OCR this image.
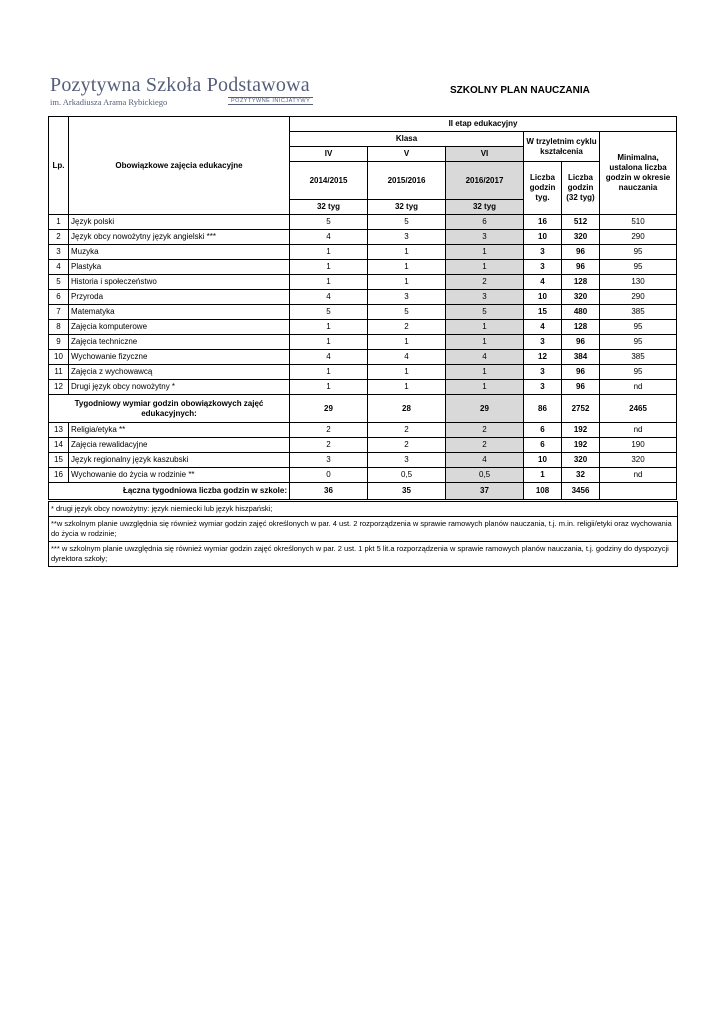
Pozytywna Szkoła Podstawowa
im. Arkadiusza Arama Rybickiego	POZYTYWNE INICJATYWY
SZKOLNY PLAN NAUCZANIA
Lp.	Obowiązkowe zajęcia edukacyjne	II etap edukacyjny					
		Klasa			W trzyletnim cyklu kształcenia		Minimalna, ustalona liczba godzin w okresie nauczania
		IV	V	VI			
		2014/2015	2015/2016	2016/2017	Liczba godzin tyg.	Liczba godzin (32 tyg)	
		32 tyg	32 tyg	32 tyg			
1	Język polski	5	5	6	16	512	510
2	Język obcy nowożytny język angielski ***	4	3	3	10	320	290
3	Muzyka	1	1	1	3	96	95
4	Plastyka	1	1	1	3	96	95
5	Historia i społeczeństwo	1	1	2	4	128	130
6	Przyroda	4	3	3	10	320	290
7	Matematyka	5	5	5	15	480	385
8	Zajęcia komputerowe	1	2	1	4	128	95
9	Zajęcia techniczne	1	1	1	3	96	95
10	Wychowanie fizyczne	4	4	4	12	384	385
11	Zajęcia z wychowawcą	1	1	1	3	96	95
12	Drugi język obcy nowożytny *	1	1	1	3	96	nd
Tygodniowy wymiar godzin obowiązkowych zajęć edukacyjnych:		29	28	29	86	2752	2465
13	Religia/etyka **	2	2	2	6	192	nd
14	Zajęcia rewalidacyjne	2	2	2	6	192	190
15	Język regionalny język kaszubski	3	3	4	10	320	320
16	Wychowanie do życia w rodzinie **	0	0,5	0,5	1	32	nd
Łączna tygodniowa liczba godzin w szkole:		36	35	37	108	3456	
* drugi język obcy nowożytny: język niemiecki lub język hiszpański;
**w szkolnym planie uwzględnia się również wymiar godzin zajęć określonych w par. 4 ust. 2 rozporządzenia w sprawie ramowych planów nauczania, t.j. m.in. religii/etyki oraz wychowania do życia w rodzinie;
*** w szkolnym planie uwzględnia się również wymiar godzin zajęć określonych w par. 2 ust. 1 pkt 5 lit.a rozporządzenia w sprawie ramowych planów nauczania, t.j. godziny do dyspozycji dyrektora szkoły;
